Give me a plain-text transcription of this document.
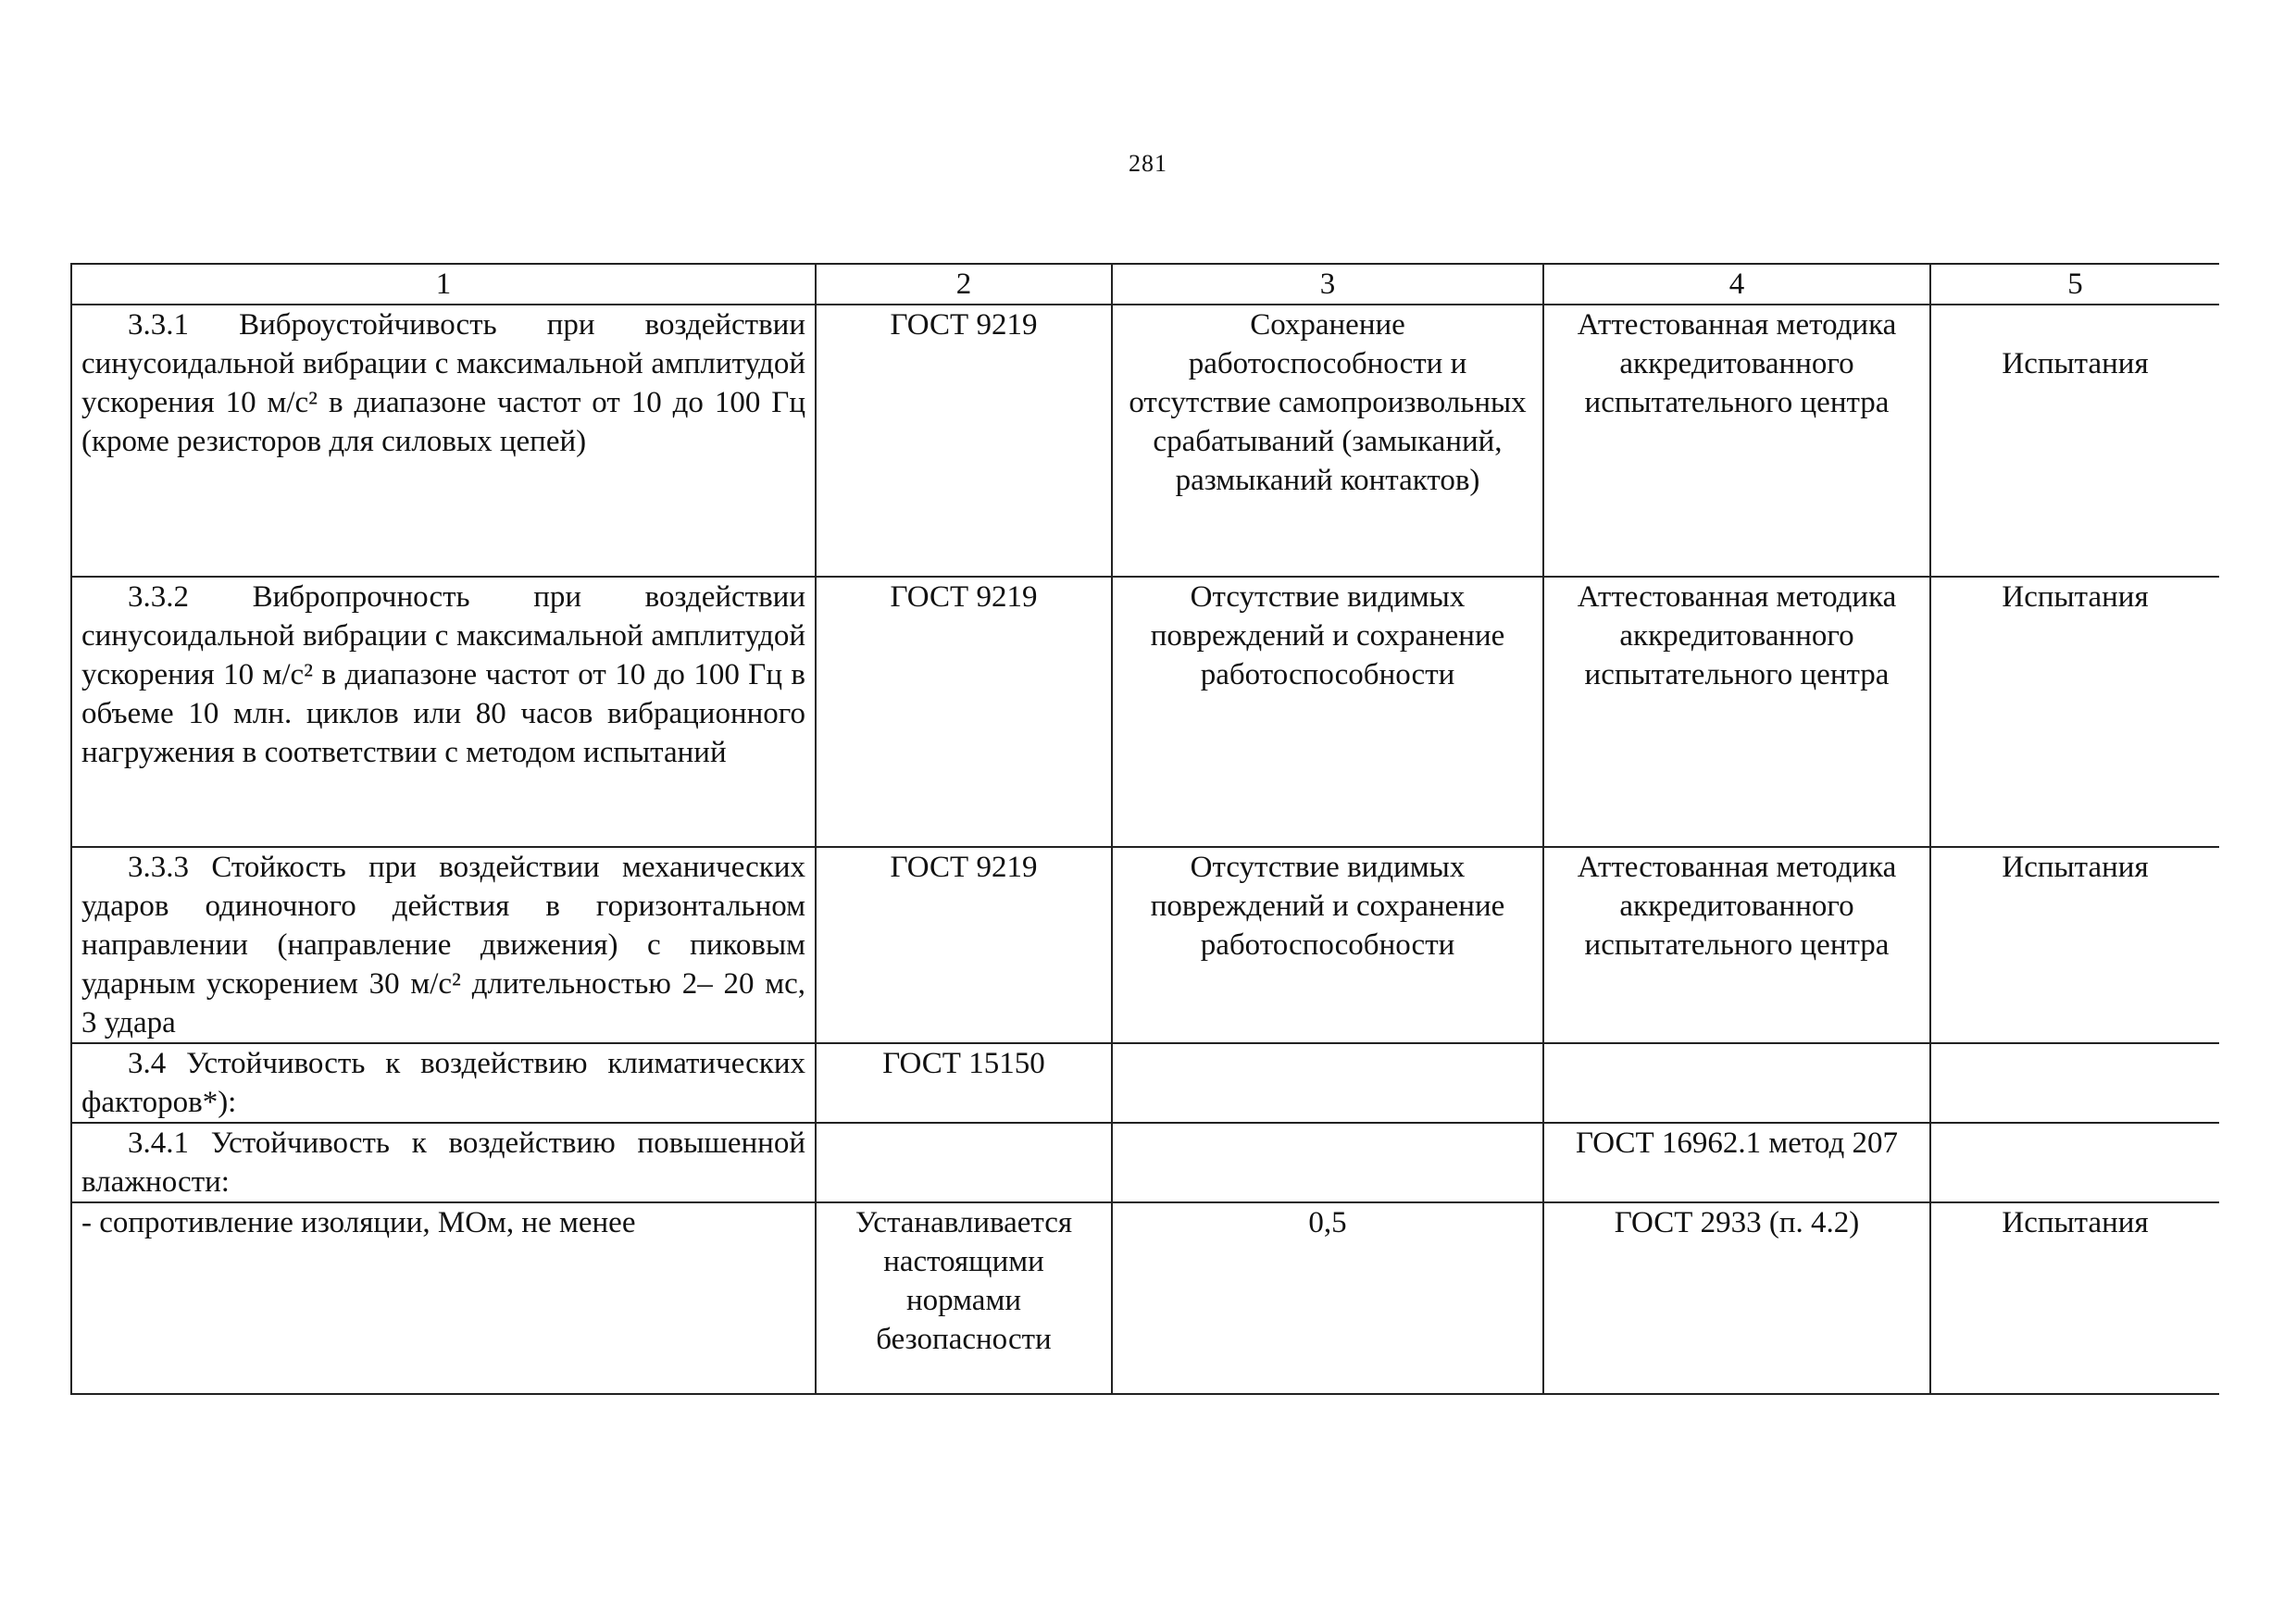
281
1	2	3	4	5
3.3.1 Виброустойчивость при воздействии синусоидальной вибрации с максимальной амплитудой ускорения 10 м/с² в диапазоне частот от 10 до 100 Гц (кроме резисторов для силовых цепей)	ГОСТ 9219	Сохранение работоспособности и отсутствие самопроизвольных срабатываний (замыканий, размыканий контактов)	Аттестованная методика аккредитованного испытательного центра	Испытания
3.3.2 Вибропрочность при воздействии синусоидальной вибрации с максимальной амплитудой ускорения 10 м/с² в диапазоне частот от 10 до 100 Гц в объеме 10 млн. циклов или 80 часов вибрационного нагружения в соответствии с методом испытаний	ГОСТ 9219	Отсутствие видимых повреждений и сохранение работоспособности	Аттестованная методика аккредитованного испытательного центра	Испытания
3.3.3 Стойкость при воздействии механических ударов одиночного действия в горизонтальном направлении (направление движения) с пиковым ударным ускорением 30 м/с² длительностью 2– 20 мс, 3 удара	ГОСТ 9219	Отсутствие видимых повреждений и сохранение работоспособности	Аттестованная методика аккредитованного испытательного центра	Испытания
3.4 Устойчивость к воздействию климатических факторов*):	ГОСТ 15150			
3.4.1 Устойчивость к воздействию повышенной влажности:			ГОСТ 16962.1 метод 207	
- сопротивление изоляции, МОм, не менее	Устанавливается настоящими нормами безопасности	0,5	ГОСТ 2933 (п. 4.2)	Испытания
